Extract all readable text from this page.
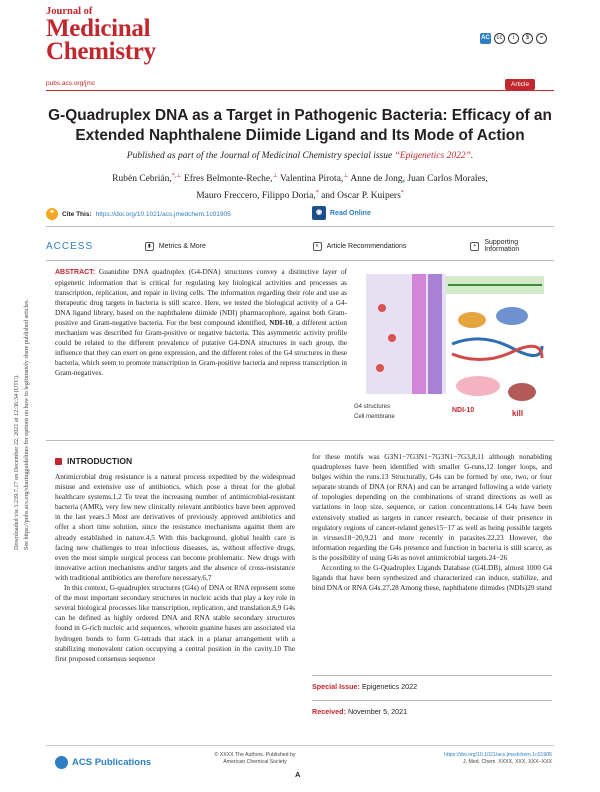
Journal of
Medicinal
Chemistry	AC	cc	i	$	=
pubs.acs.org/jmc	Article
G-Quadruplex DNA as a Target in Pathogenic Bacteria: Efficacy of an Extended Naphthalene Diimide Ligand and Its Mode of Action
Published as part of the Journal of Medicinal Chemistry special issue “Epigenetics 2022”.
Rubén Cebrián,*,⊥ Efres Belmonte-Reche,⊥ Valentina Pirota,⊥ Anne de Jong, Juan Carlos Morales,
Mauro Freccero, Filippo Doria,* and Oscar P. Kuipers*
❝	Cite This: https://doi.org/10.1021/acs.jmedchem.1c01905	◉	Read Online
ACCESS	▮	Metrics & More	≡	Article Recommendations	+	Supporting Information
ABSTRACT: Guanidine DNA quadruplex (G4-DNA) structures convey a distinctive layer of epigenetic information that is critical for regulating key biological activities and processes as transcription, replication, and repair in living cells. The information regarding their role and use as therapeutic drug targets in bacteria is still scarce. Here, we tested the biological activity of a G4-DNA ligand library, based on the naphthalene diimide (NDI) pharmacophore, against both Gram-positive and Gram-negative bacteria. For the best compound identified, NDI-10, a different action mechanism was described for Gram-positive or negative bacteria. This asymmetric activity profile could be related to the different prevalence of putative G4-DNA structures in each group, the influence that they can exert on gene expression, and the different roles of the G4 structures in these bacteria, which seem to promote transcription in Gram-positive bacteria and repress transcription in Gram-negatives.
G4 structures
Cell membrane
NDI-10	kill
INTRODUCTION

Antimicrobial drug resistance is a natural process expedited by the widespread misuse and extensive use of antibiotics, which pose a threat for the global healthcare systems.1,2 To treat the increasing number of antimicrobial-resistant bacteria (AMR), very few new clinically relevant antibiotics have been approved in the last years.3 Most are derivatives of previously approved antibiotics and offer a short time solution, since the resistance mechanisms against them are already established in nature.4,5 With this background, global health care is facing new challenges to treat infectious diseases, as, without effective drugs, even the most simple surgical process can become problematic. New drugs with innovative action mechanisms and/or targets and the absence of cross-resistance with traditional antibiotics are therefore necessary.6,7

In this context, G-quadruplex structures (G4s) of DNA or RNA represent some of the most important secondary structures in nucleic acids that play a key role in several biological processes like transcription, replication, and translation.8,9 G4s can be defined as highly ordered DNA and RNA stable secondary structures found in G-rich nucleic acid sequences, wherein guanine bases are associated via hydrogen bonds to form G-tetrads that stack in a planar arrangement with a stabilizing monovalent cation occupying a central position in the cavity.10 The first proposed consensus sequence

for these motifs was G3N1−7G3N1−7G3N1−7G3,8,11 although nonabiding quadruplexes have been identified with smaller G-runs,12 longer loops, and bulges within the runs.13 Structurally, G4s can be formed by one, two, or four separate strands of DNA (or RNA) and can be arranged following a wide variety of topologies depending on the combinations of strand directions as well as variations in loop size, sequence, or cation concentrations.14 G4s have been extensively studied as targets in cancer research, because of their presence in regulatory regions of cancer-related genes15−17 as well as being possible targets in viruses18−20,9,21 and more recently in parasites.22,23 However, the information regarding the G4s presence and function in bacteria is still scarce, as is the possibility of using G4s as novel antimicrobial targets.24−26

According to the G-Quadruplex Ligands Database (G4LDB), almost 1000 G4 ligands that have been synthesized and characterized can induce, stabilize, and bind DNA or RNA G4s.27,28 Among these, naphthalene diimides (NDIs)29 stand

Special Issue: Epigenetics 2022
Received: November 5, 2021
Downloaded via 3.239.7.17 on December 22, 2021 at 12:36:34 (UTC). See https://pubs.acs.org/sharingguidelines for options on how to legitimately share published articles.
ACS Publications
© XXXX The Authors. Published by
American Chemical Society
A
https://doi.org/10.1021/acs.jmedchem.1c01905
J. Med. Chem. XXXX, XXX, XXX−XXX
